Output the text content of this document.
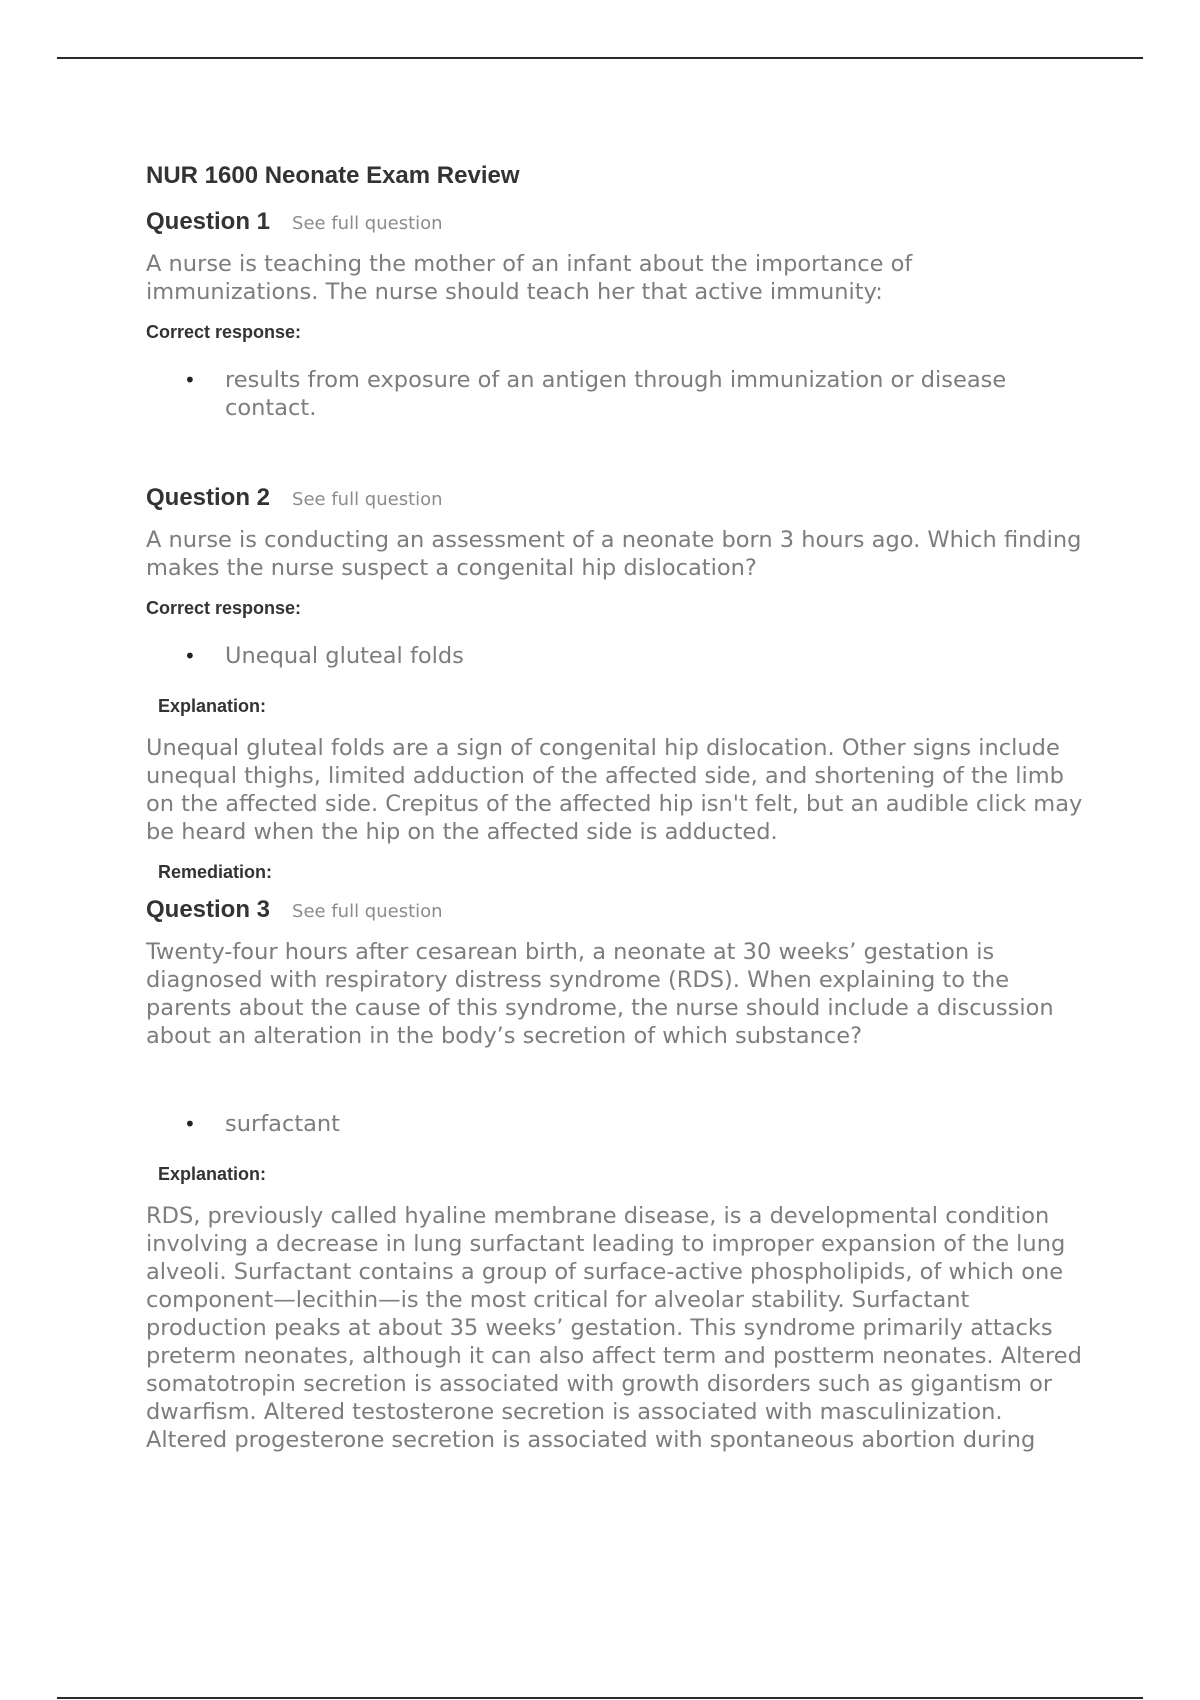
NUR 1600 Neonate Exam Review
Question 1 See full question

A nurse is teaching the mother of an infant about the importance of immunizations. The nurse should teach her that active immunity:

Correct response:
• results from exposure of an antigen through immunization or disease contact.
Question 2 See full question

A nurse is conducting an assessment of a neonate born 3 hours ago. Which finding makes the nurse suspect a congenital hip dislocation?

Correct response:
• Unequal gluteal folds
Explanation:

Unequal gluteal folds are a sign of congenital hip dislocation. Other signs include unequal thighs, limited adduction of the affected side, and shortening of the limb on the affected side. Crepitus of the affected hip isn't felt, but an audible click may be heard when the hip on the affected side is adducted.

Remediation:
Question 3 See full question

Twenty-four hours after cesarean birth, a neonate at 30 weeks’ gestation is diagnosed with respiratory distress syndrome (RDS). When explaining to the parents about the cause of this syndrome, the nurse should include a discussion about an alteration in the body’s secretion of which substance?

• surfactant
Explanation:

RDS, previously called hyaline membrane disease, is a developmental condition involving a decrease in lung surfactant leading to improper expansion of the lung alveoli. Surfactant contains a group of surface-active phospholipids, of which one component—lecithin—is the most critical for alveolar stability. Surfactant production peaks at about 35 weeks’ gestation. This syndrome primarily attacks preterm neonates, although it can also affect term and postterm neonates. Altered somatotropin secretion is associated with growth disorders such as gigantism or dwarfism. Altered testosterone secretion is associated with masculinization. Altered progesterone secretion is associated with spontaneous abortion during
